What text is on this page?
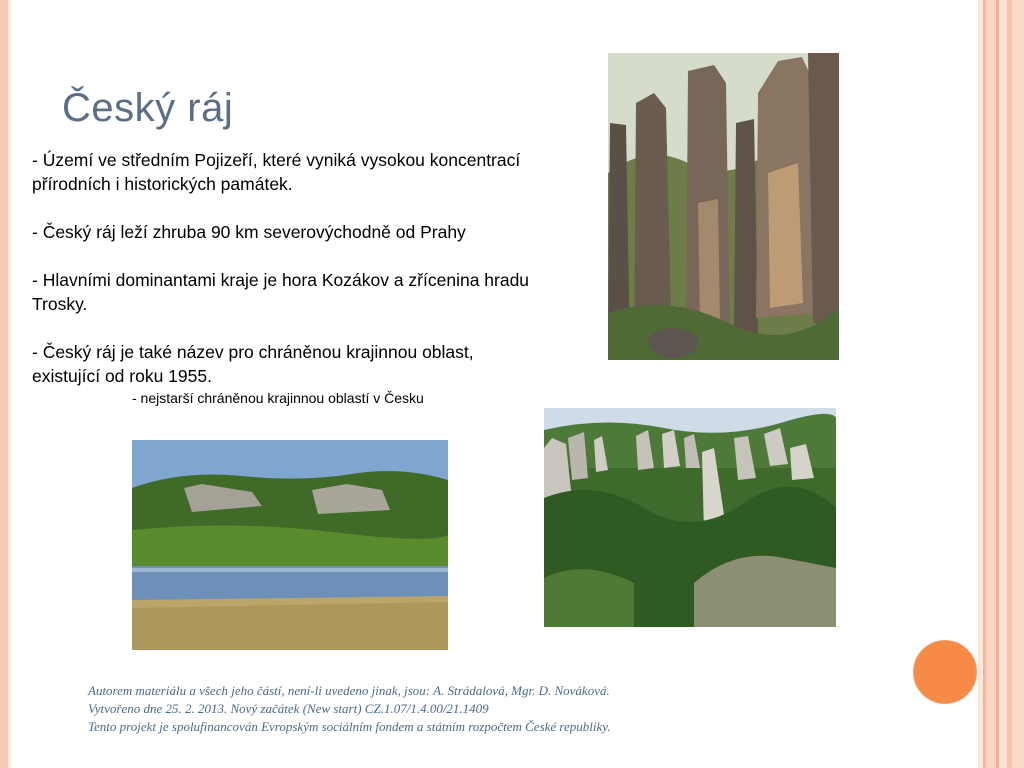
Český ráj

- Území ve středním Pojizeří, které vyniká vysokou koncentrací přírodních i historických památek.

- Český ráj leží zhruba 90 km severovýchodně od Prahy

- Hlavními dominantami kraje je hora Kozákov a zřícenina hradu Trosky.

- Český ráj je také název pro chráněnou krajinnou oblast, existující od roku 1955.

- nejstarší chráněnou krajinnou oblastí v Česku
Autorem materiálu a všech jeho částí, není-li uvedeno jinak, jsou: A. Strádalová, Mgr. D. Nováková.
Vytvořeno dne 25. 2. 2013. Nový začátek (New start) CZ.1.07/1.4.00/21.1409
Tento projekt je spolufinancován Evropským sociálním fondem a státním rozpočtem České republiky.
